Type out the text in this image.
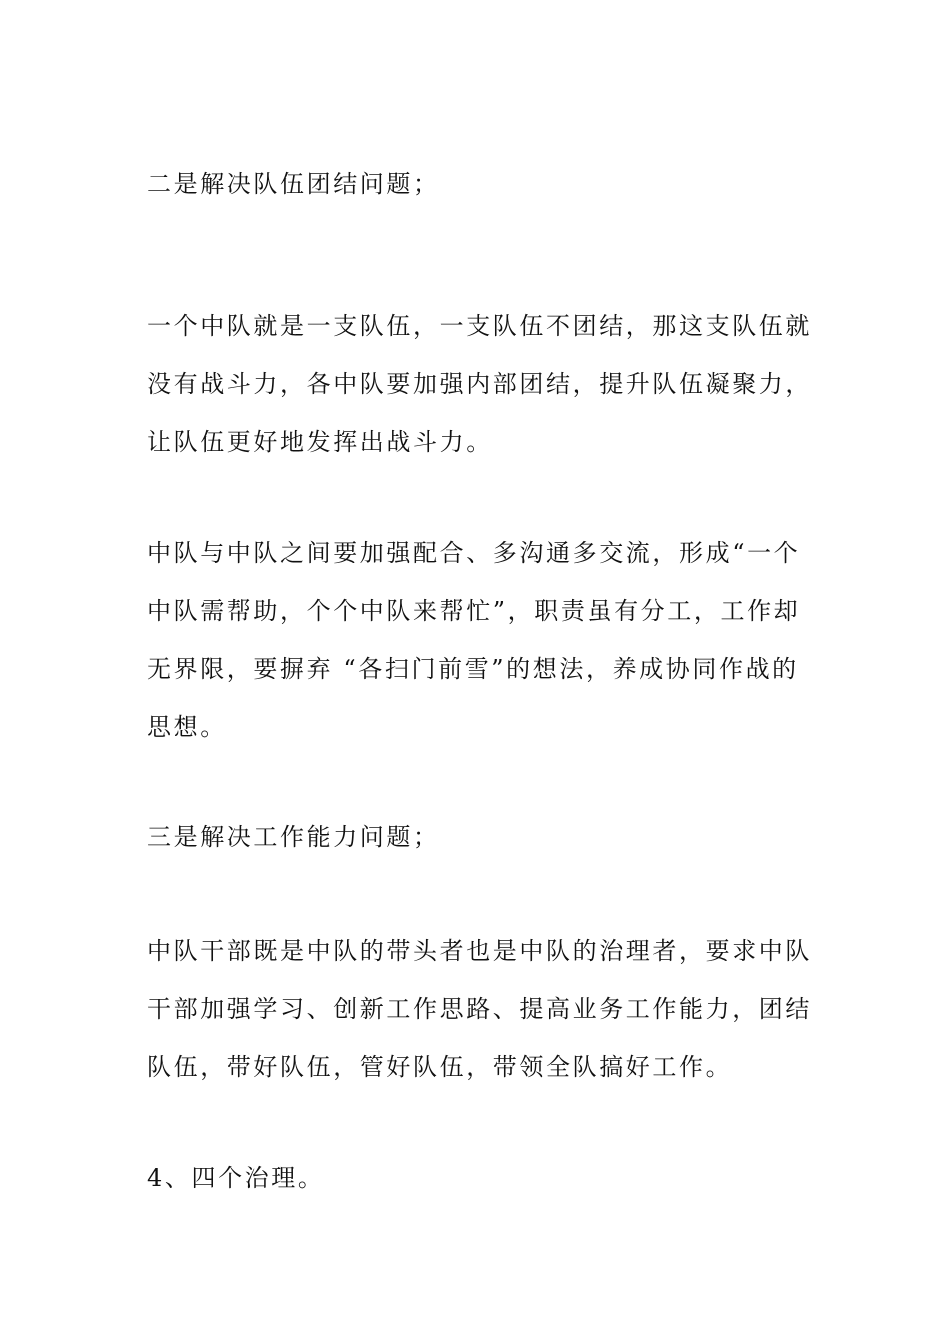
二是解决队伍团结问题；

一个中队就是一支队伍，一支队伍不团结，那这支队伍就
没有战斗力，各中队要加强内部团结，提升队伍凝聚力，
让队伍更好地发挥出战斗力。

中队与中队之间要加强配合、多沟通多交流，形成“一个
中队需帮助，个个中队来帮忙”，职责虽有分工，工作却
无界限，要摒弃 “各扫门前雪”的想法，养成协同作战的
思想。

三是解决工作能力问题；

中队干部既是中队的带头者也是中队的治理者，要求中队
干部加强学习、创新工作思路、提高业务工作能力，团结
队伍，带好队伍，管好队伍，带领全队搞好工作。

4、四个治理。
